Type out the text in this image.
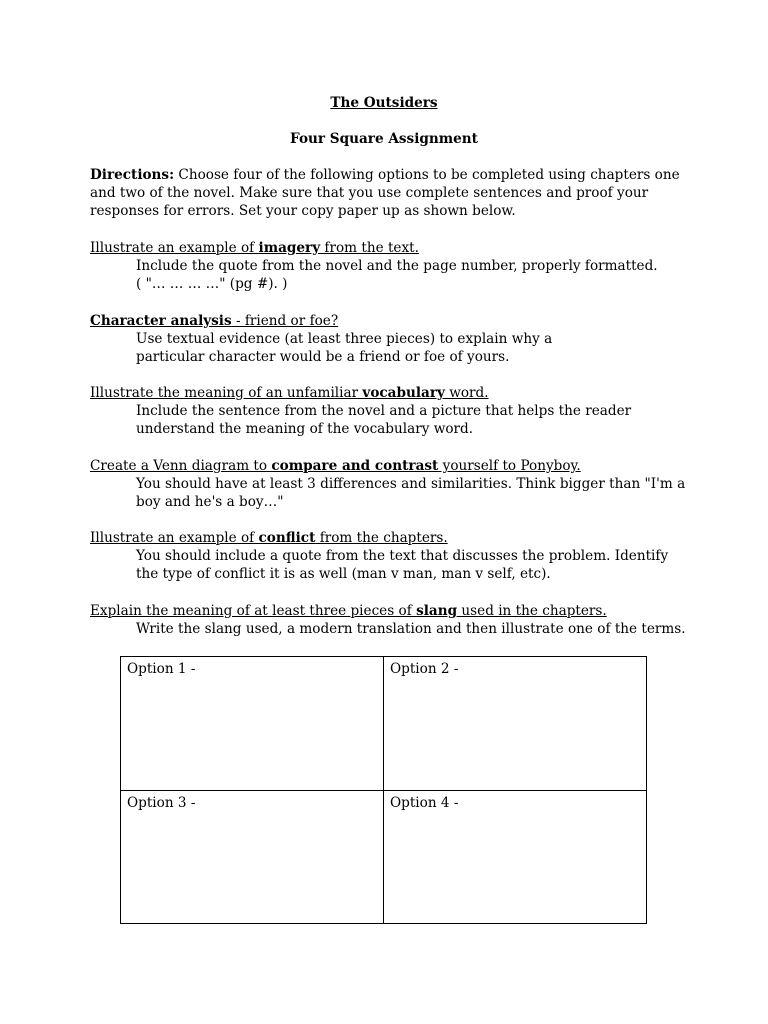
The Outsiders
Four Square Assignment
Directions: Choose four of the following options to be completed using chapters one and two of the novel. Make sure that you use complete sentences and proof your responses for errors. Set your copy paper up as shown below.
Illustrate an example of imagery from the text.
Include the quote from the novel and the page number, properly formatted.
( "… … … …" (pg #). )
Character analysis - friend or foe?
Use textual evidence (at least three pieces) to explain why a particular character would be a friend or foe of yours.
Illustrate the meaning of an unfamiliar vocabulary word.
Include the sentence from the novel and a picture that helps the reader understand the meaning of the vocabulary word.
Create a Venn diagram to compare and contrast yourself to Ponyboy.
You should have at least 3 differences and similarities. Think bigger than "I'm a boy and he's a boy…"
Illustrate an example of conflict from the chapters.
You should include a quote from the text that discusses the problem. Identify the type of conflict it is as well (man v man, man v self, etc).
Explain the meaning of at least three pieces of slang used in the chapters.
Write the slang used, a modern translation and then illustrate one of the terms.
Option 1 -	Option 2 -
Option 3 -	Option 4 -
